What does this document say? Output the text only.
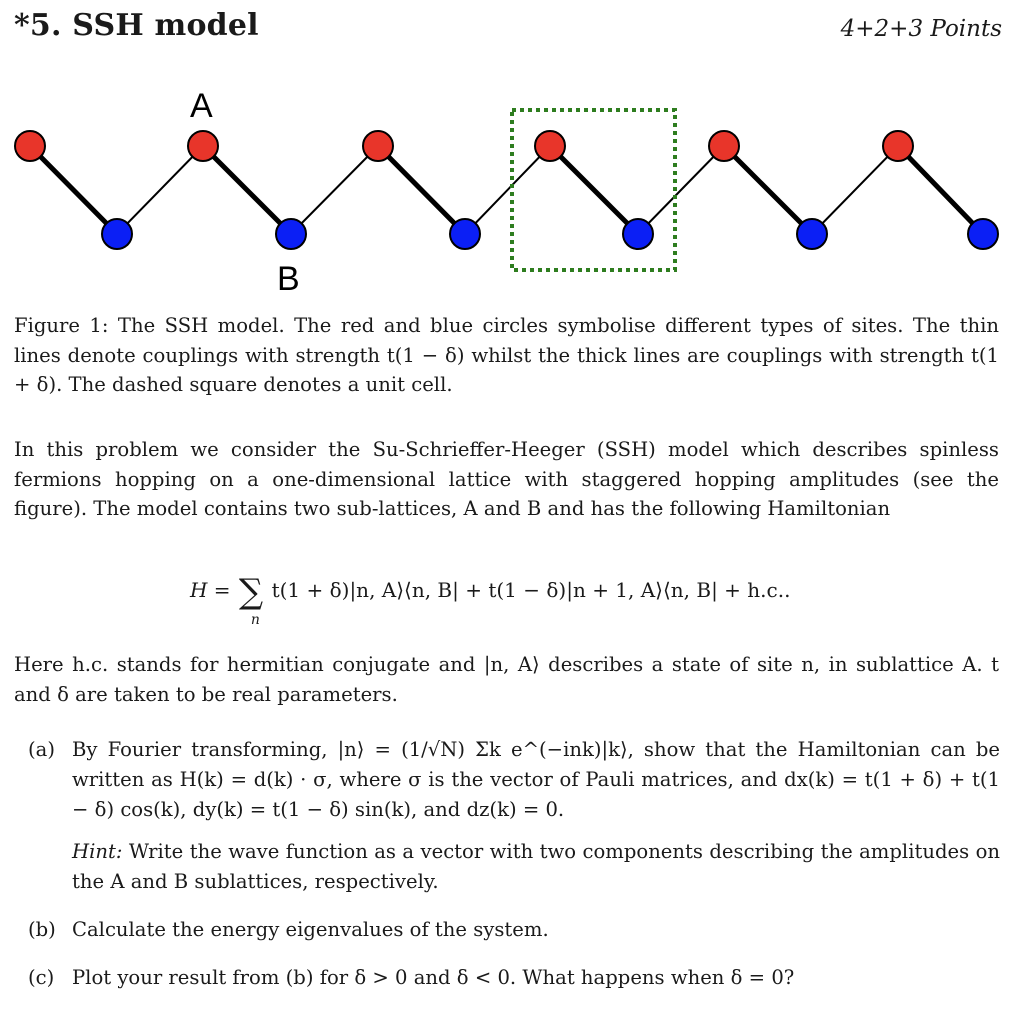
*5. SSH model	4+2+3 Points
A
B
Figure 1: The SSH model. The red and blue circles symbolise different types of sites. The thin lines denote couplings with strength t(1 − δ) whilst the thick lines are couplings with strength t(1 + δ). The dashed square denotes a unit cell.
In this problem we consider the Su-Schrieffer-Heeger (SSH) model which describes spinless fermions hopping on a one-dimensional lattice with staggered hopping amplitudes (see the figure). The model contains two sub-lattices, A and B and has the following Hamiltonian
H = ∑
n
t(1 + δ)|n, A⟩⟨n, B| + t(1 − δ)|n + 1, A⟩⟨n, B| + h.c..
Here h.c. stands for hermitian conjugate and |n, A⟩ describes a state of site n, in sublattice A. t and δ are taken to be real parameters.
(a) By Fourier transforming, |n⟩ = (1/√N) Σk e^(−ink)|k⟩, show that the Hamiltonian can be written as H(k) = d(k) · σ, where σ is the vector of Pauli matrices, and dx(k) = t(1 + δ) + t(1 − δ) cos(k), dy(k) = t(1 − δ) sin(k), and dz(k) = 0.
Hint: Write the wave function as a vector with two components describing the amplitudes on the A and B sublattices, respectively.
(b) Calculate the energy eigenvalues of the system.
(c) Plot your result from (b) for δ > 0 and δ < 0. What happens when δ = 0?
